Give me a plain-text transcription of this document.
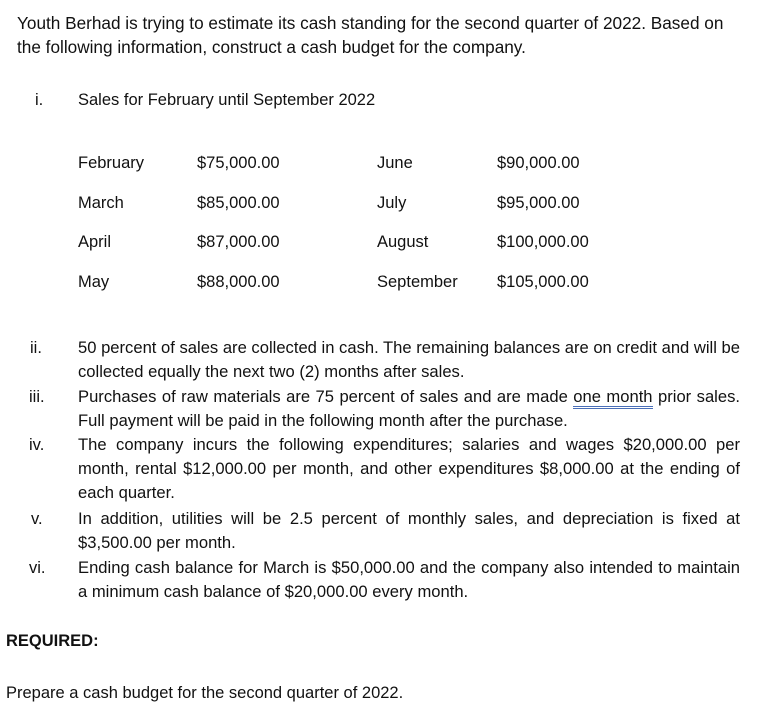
Youth Berhad is trying to estimate its cash standing for the second quarter of 2022. Based on the following information, construct a cash budget for the company.
i. Sales for February until September 2022
February	$75,000.00	June	$90,000.00
March	$85,000.00	July	$95,000.00
April	$87,000.00	August	$100,000.00
May	$88,000.00	September $105,000.00
ii. 50 percent of sales are collected in cash. The remaining balances are on credit and will be collected equally the next two (2) months after sales.
iii. Purchases of raw materials are 75 percent of sales and are made one month prior sales. Full payment will be paid in the following month after the purchase.
iv. The company incurs the following expenditures; salaries and wages $20,000.00 per month, rental $12,000.00 per month, and other expenditures $8,000.00 at the ending of each quarter.
v. In addition, utilities will be 2.5 percent of monthly sales, and depreciation is fixed at $3,500.00 per month.
vi. Ending cash balance for March is $50,000.00 and the company also intended to maintain a minimum cash balance of $20,000.00 every month.
REQUIRED:
Prepare a cash budget for the second quarter of 2022.
